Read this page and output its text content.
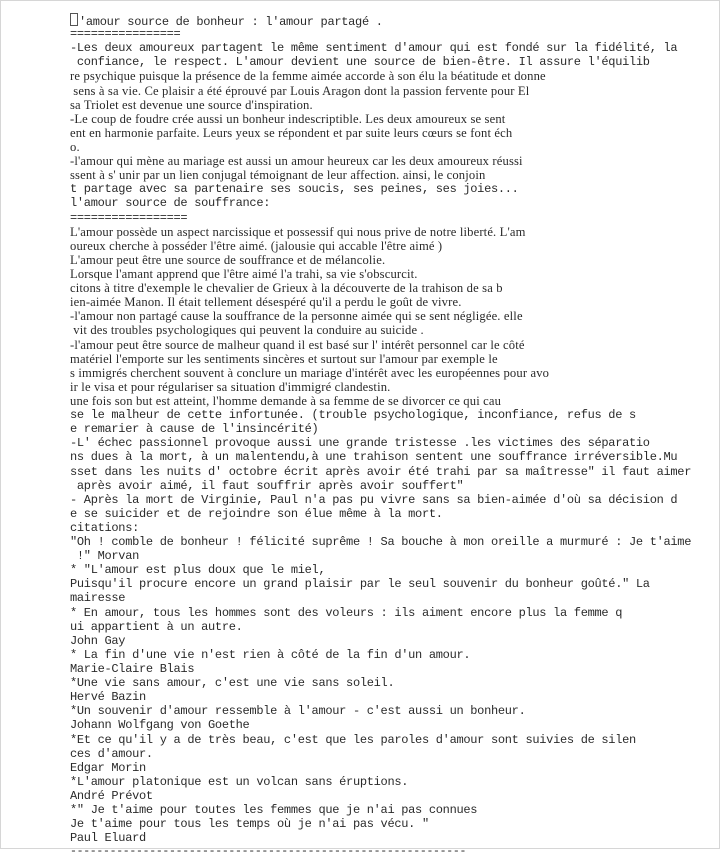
'amour source de bonheur : l'amour partagé .
================
-Les deux amoureux partagent le même sentiment d'amour qui est fondé sur la fidélité, la
confiance, le respect. L'amour devient une source de bien-être. Il assure l'équilib
re psychique puisque la présence de la femme aimée accorde à son élu la béatitude et donne
sens à sa vie. Ce plaisir a été éprouvé par Louis Aragon dont la passion fervente pour El
sa Triolet est devenue une source d'inspiration.
-Le coup de foudre crée aussi un bonheur indescriptible. Les deux amoureux se sent
ent en harmonie parfaite. Leurs yeux se répondent et par suite leurs cœurs se font éch
o.
-l'amour qui mène au mariage est aussi un amour heureux car les deux amoureux réussi
ssent à s' unir par un lien conjugal témoignant de leur affection. ainsi, le conjoin
t partage avec sa partenaire ses soucis, ses peines, ses joies...
l'amour source de souffrance:
=================
L'amour possède un aspect narcissique et possessif qui nous prive de notre liberté. L'am
oureux cherche à posséder l'être aimé. (jalousie qui accable l'être aimé )
L'amour peut être une source de souffrance et de mélancolie.
Lorsque l'amant apprend que l'être aimé l'a trahi, sa vie s'obscurcit.
citons à titre d'exemple le chevalier de Grieux à la découverte de la trahison de sa b
ien-aimée Manon. Il était tellement désespéré qu'il a perdu le goût de vivre.
-l'amour non partagé cause la souffrance de la personne aimée qui se sent négligée. elle
vit des troubles psychologiques qui peuvent la conduire au suicide .
-l'amour peut être source de malheur quand il est basé sur l' intérêt personnel car le côté
matériel l'emporte sur les sentiments sincères et surtout sur l'amour par exemple le
s immigrés cherchent souvent à conclure un mariage d'intérêt avec les européennes pour avo
ir le visa et pour régulariser sa situation d'immigré clandestin.
une fois son but est atteint, l'homme demande à sa femme de se divorcer ce qui cau
se le malheur de cette infortunée. (trouble psychologique, inconfiance, refus de s
e remarier à cause de l'insincérité)
-L' échec passionnel provoque aussi une grande tristesse .les victimes des séparatio
ns dues à la mort, à un malentendu,à une trahison sentent une souffrance irréversible.Mu
sset dans les nuits d' octobre écrit après avoir été trahi par sa maîtresse" il faut aimer
après avoir aimé, il faut souffrir après avoir souffert"
- Après la mort de Virginie, Paul n'a pas pu vivre sans sa bien-aimée d'où sa décision d
e se suicider et de rejoindre son élue même à la mort.
citations:
"Oh ! comble de bonheur ! félicité suprême ! Sa bouche à mon oreille a murmuré : Je t'aime
!" Morvan
* "L'amour est plus doux que le miel,
Puisqu'il procure encore un grand plaisir par le seul souvenir du bonheur goûté." La
mairesse
* En amour, tous les hommes sont des voleurs : ils aiment encore plus la femme q
ui appartient à un autre.
John Gay
* La fin d'une vie n'est rien à côté de la fin d'un amour.
Marie-Claire Blais
*Une vie sans amour, c'est une vie sans soleil.
Hervé Bazin
*Un souvenir d'amour ressemble à l'amour - c'est aussi un bonheur.
Johann Wolfgang von Goethe
*Et ce qu'il y a de très beau, c'est que les paroles d'amour sont suivies de silen
ces d'amour.
Edgar Morin
*L'amour platonique est un volcan sans éruptions.
André Prévot
*" Je t'aime pour toutes les femmes que je n'ai pas connues
Je t'aime pour tous les temps où je n'ai pas vécu. "
Paul Eluard
------------------------------------------------------------
